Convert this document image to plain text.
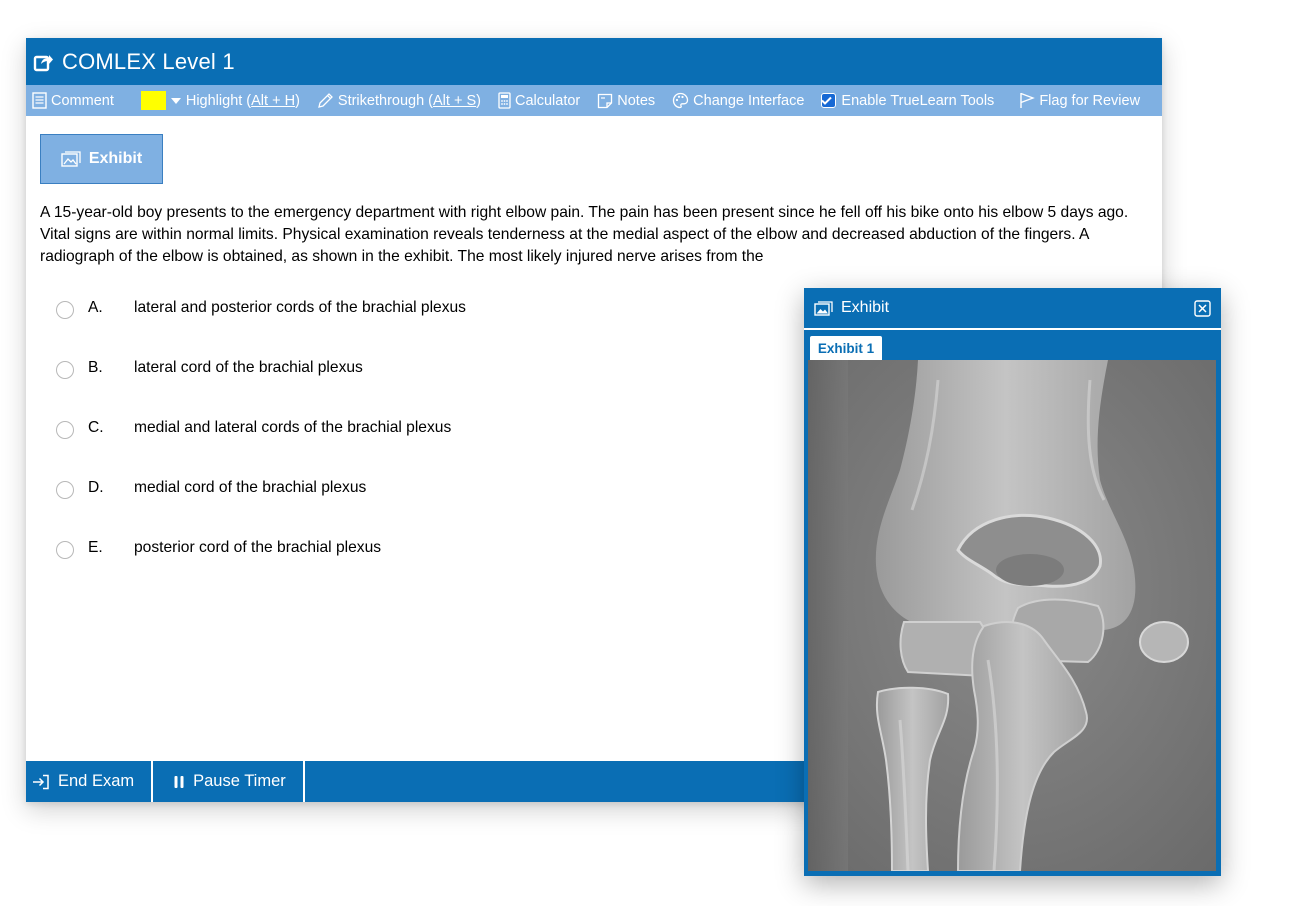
COMLEX Level 1
Comment	Highlight (Alt + H)	Strikethrough (Alt + S) Calculator	Notes	Change Interface	Enable TrueLearn Tools	Flag for Review
Exhibit
A 15-year-old boy presents to the emergency department with right elbow pain. The pain has been present since he fell off his bike onto his elbow 5 days ago. Vital signs are within normal limits. Physical examination reveals tenderness at the medial aspect of the elbow and decreased abduction of the fingers. A radiograph of the elbow is obtained, as shown in the exhibit. The most likely injured nerve arises from the
A.	lateral and posterior cords of the brachial plexus
B.	lateral cord of the brachial plexus
C.	medial and lateral cords of the brachial plexus
D.	medial cord of the brachial plexus
E.	posterior cord of the brachial plexus
End Exam	Pause Timer
Exhibit
Exhibit 1
